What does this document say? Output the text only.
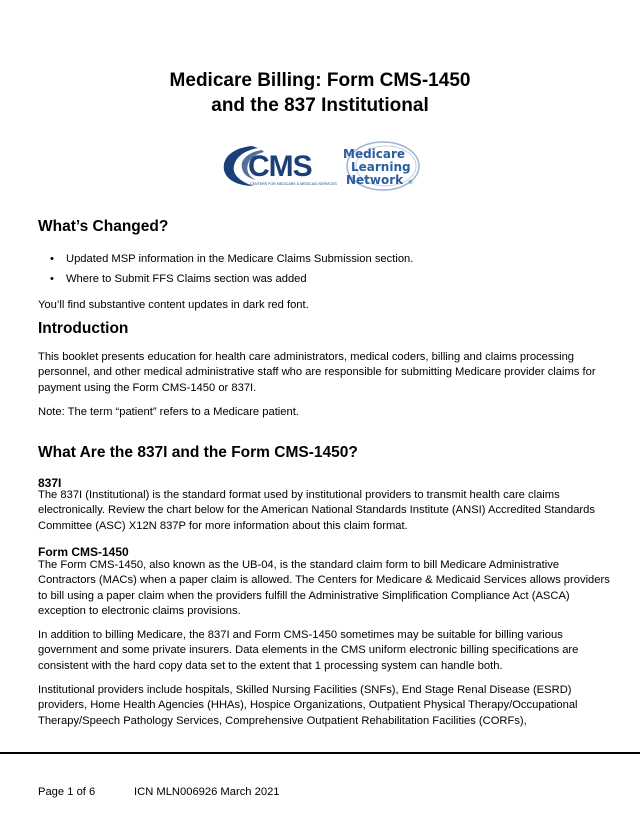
Medicare Billing: Form CMS-1450
and the 837 Institutional
CMS
CENTERS FOR MEDICARE & MEDICAID SERVICES
Medicare
Learning
Network ®
What’s Changed?
• Updated MSP information in the Medicare Claims Submission section.
• Where to Submit FFS Claims section was added

You’ll find substantive content updates in dark red font.

Introduction

This booklet presents education for health care administrators, medical coders, billing and claims processing personnel, and other medical administrative staff who are responsible for submitting Medicare provider claims for payment using the Form CMS-1450 or 837I.

Note: The term “patient” refers to a Medicare patient.

What Are the 837I and the Form CMS-1450?
837I

The 837I (Institutional) is the standard format used by institutional providers to transmit health care claims electronically. Review the chart below for the American National Standards Institute (ANSI) Accredited Standards Committee (ASC) X12N 837P for more information about this claim format.

Form CMS-1450

The Form CMS-1450, also known as the UB-04, is the standard claim form to bill Medicare Administrative Contractors (MACs) when a paper claim is allowed. The Centers for Medicare & Medicaid Services allows providers to bill using a paper claim when the providers fulfill the Administrative Simplification Compliance Act (ASCA) exception to electronic claims provisions.

In addition to billing Medicare, the 837I and Form CMS-1450 sometimes may be suitable for billing various government and some private insurers. Data elements in the CMS uniform electronic billing specifications are consistent with the hard copy data set to the extent that 1 processing system can handle both.

Institutional providers include hospitals, Skilled Nursing Facilities (SNFs), End Stage Renal Disease (ESRD) providers, Home Health Agencies (HHAs), Hospice Organizations, Outpatient Physical Therapy/Occupational Therapy/Speech Pathology Services, Comprehensive Outpatient Rehabilitation Facilities (CORFs),

Page 1 of 6	ICN MLN006926 March 2021
